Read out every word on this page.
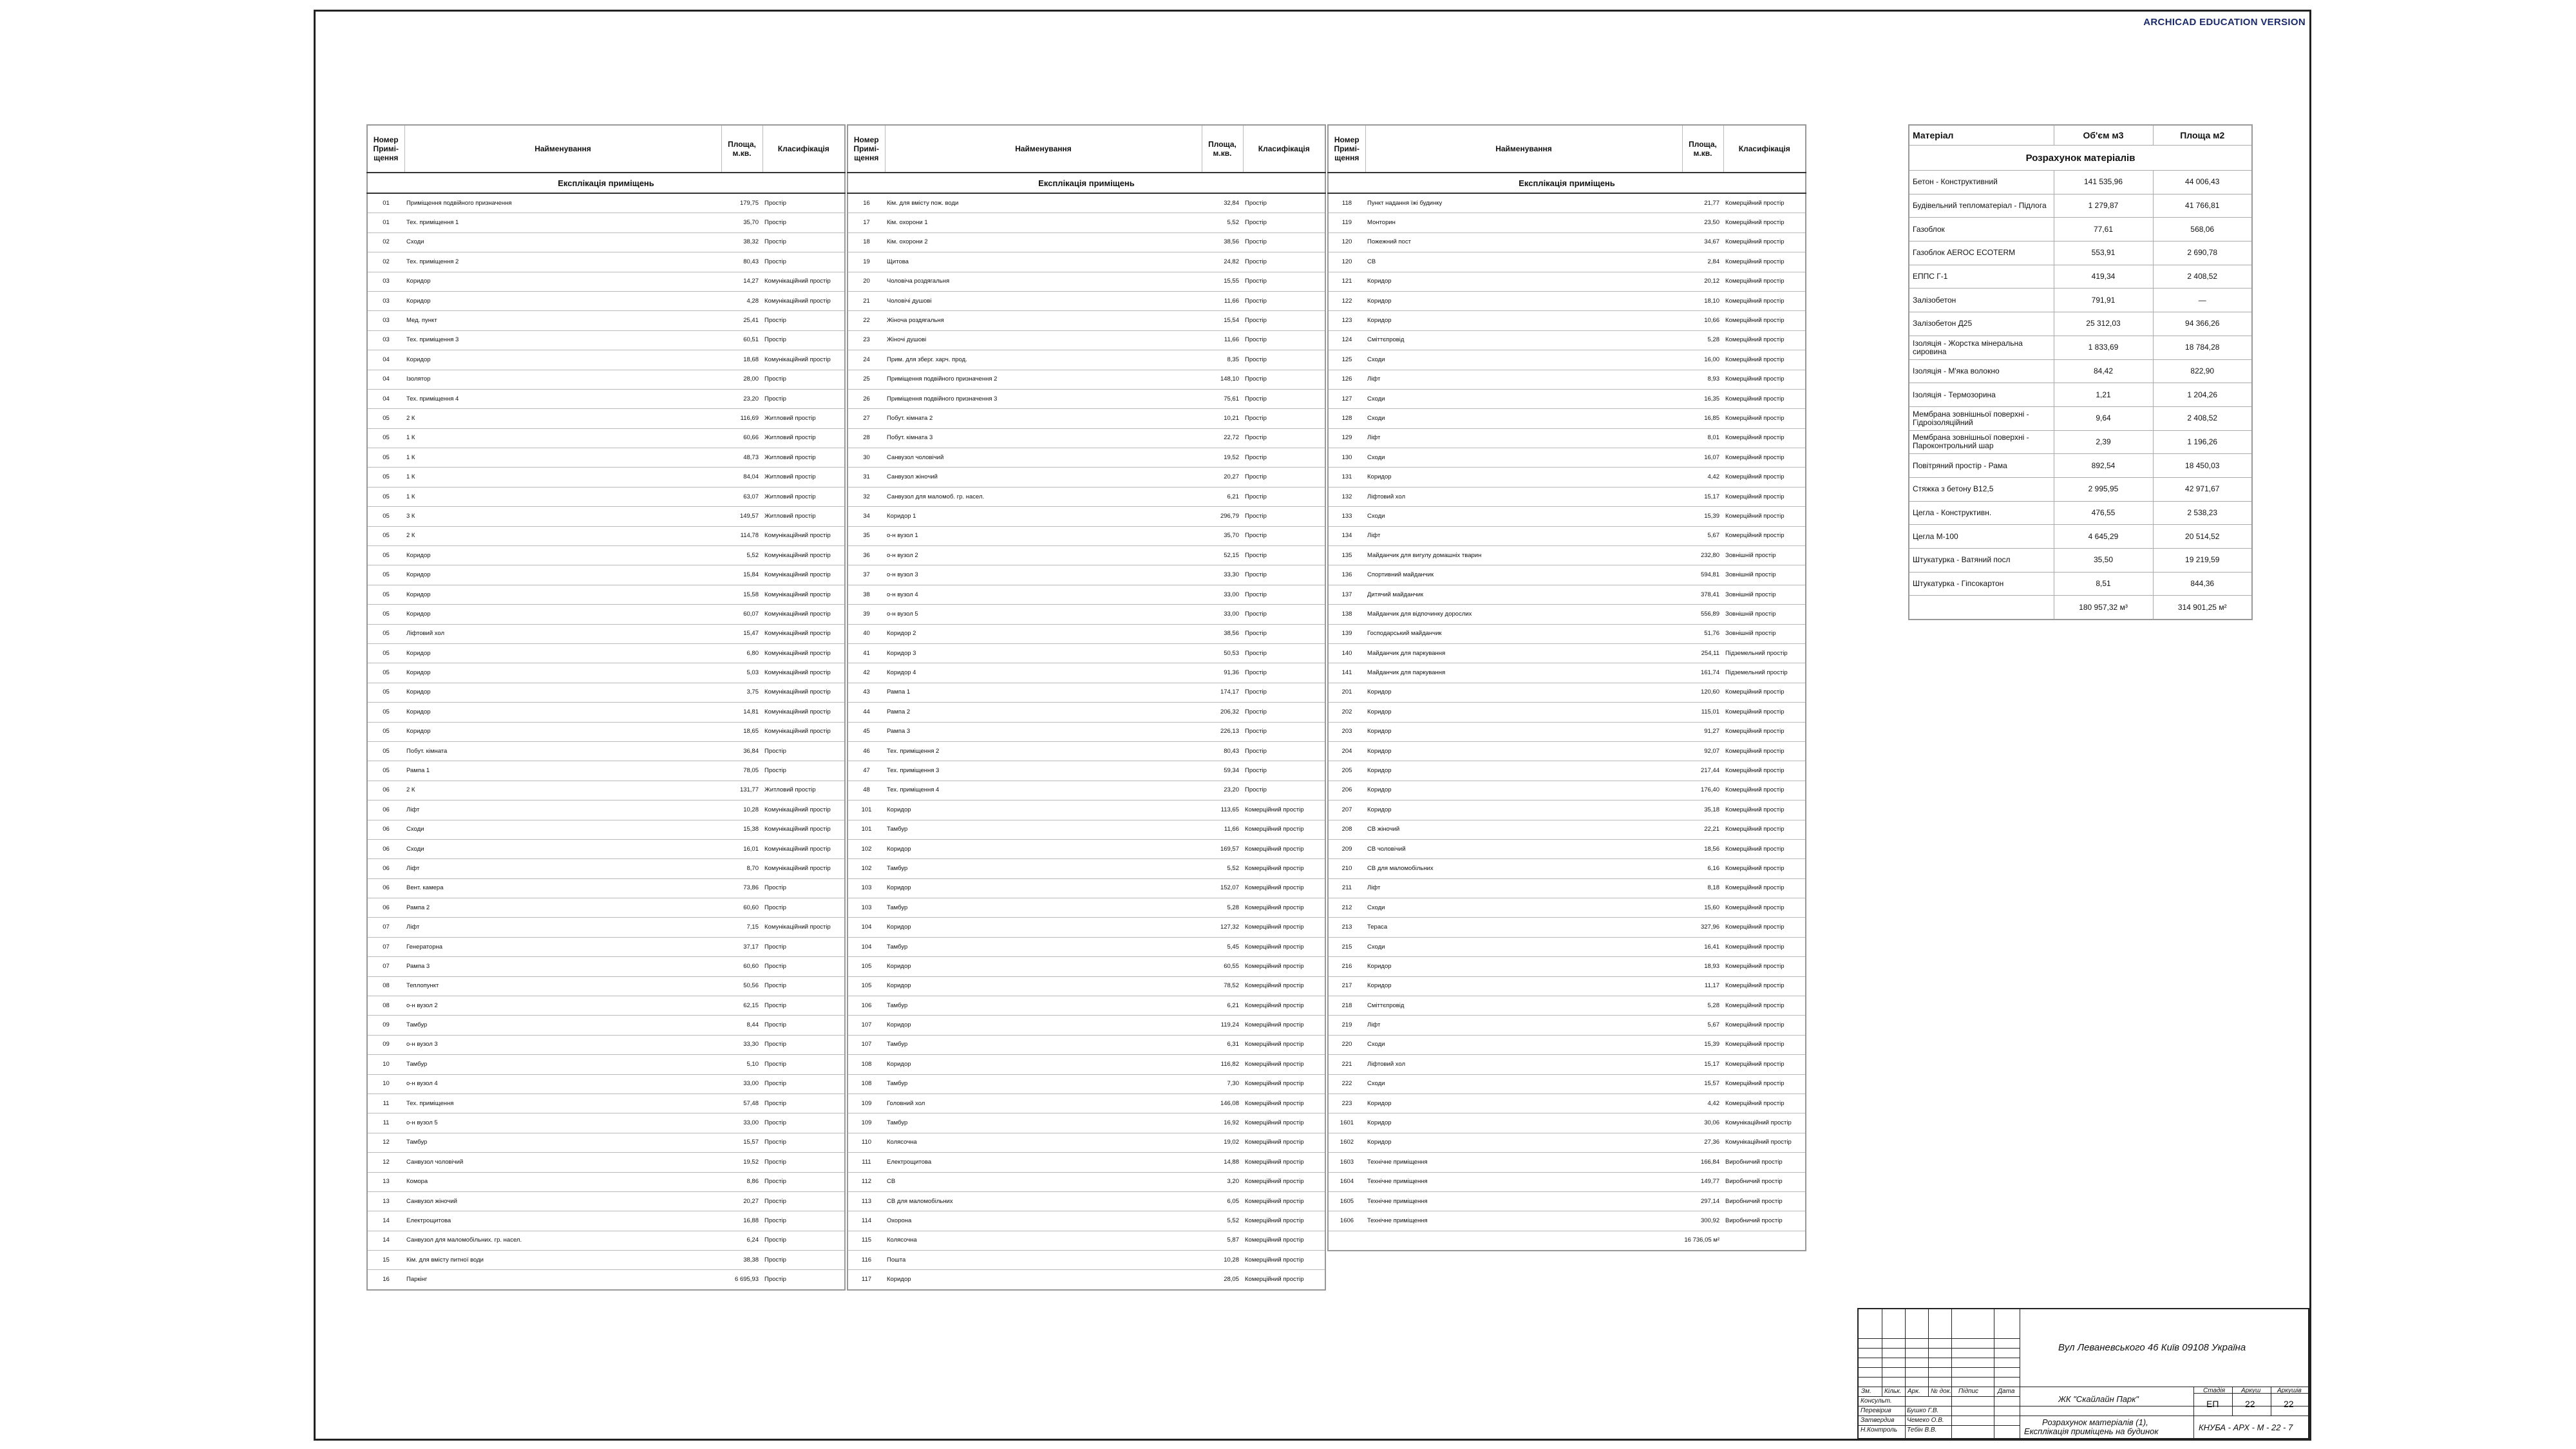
ARCHICAD EDUCATION VERSION
Експлікація приміщень			
Номер Примі-щення	Найменування	Площа, м.кв.	Класифікація
01	Приміщення подвійного призначення	179,75	Простір
01	Тех. приміщення 1	35,70	Простір
02	Сходи	38,32	Простір
02	Тех. приміщення 2	80,43	Простір
03	Коридор	14,27	Комунікаційний простір
03	Коридор	4,28	Комунікаційний простір
03	Мед. пункт	25,41	Простір
03	Тех. приміщення 3	60,51	Простір
04	Коридор	18,68	Комунікаційний простір
04	Ізолятор	28,00	Простір
04	Тех. приміщення 4	23,20	Простір
05	2 К	116,69	Житловий простір
05	1 К	60,66	Житловий простір
05	1 К	48,73	Житловий простір
05	1 К	84,04	Житловий простір
05	1 К	63,07	Житловий простір
05	3 К	149,57	Житловий простір
05	2 К	114,78	Комунікаційний простір
05	Коридор	5,52	Комунікаційний простір
05	Коридор	15,84	Комунікаційний простір
05	Коридор	15,58	Комунікаційний простір
05	Коридор	60,07	Комунікаційний простір
05	Ліфтовий хол	15,47	Комунікаційний простір
05	Коридор	6,80	Комунікаційний простір
05	Коридор	5,03	Комунікаційний простір
05	Коридор	3,75	Комунікаційний простір
05	Коридор	14,81	Комунікаційний простір
05	Коридор	18,65	Комунікаційний простір
05	Побут. кімната	36,84	Простір
05	Рампа 1	78,05	Простір
06	2 К	131,77	Житловий простір
06	Ліфт	10,28	Комунікаційний простір
06	Сходи	15,38	Комунікаційний простір
06	Сходи	16,01	Комунікаційний простір
06	Ліфт	8,70	Комунікаційний простір
06	Вент. камера	73,86	Простір
06	Рампа 2	60,60	Простір
07	Ліфт	7,15	Комунікаційний простір
07	Генераторна	37,17	Простір
07	Рампа 3	60,60	Простір
08	Теплопункт	50,56	Простір
08	о-н вузол 2	62,15	Простір
09	Тамбур	8,44	Простір
09	о-н вузол 3	33,30	Простір
10	Тамбур	5,10	Простір
10	о-н вузол 4	33,00	Простір
11	Тех. приміщення	57,48	Простір
11	о-н вузол 5	33,00	Простір
12	Тамбур	15,57	Простір
12	Санвузол чоловічий	19,52	Простір
13	Комора	8,86	Простір
13	Санвузол жіночий	20,27	Простір
14	Електрощитова	16,88	Простір
14	Санвузол для маломобільних. гр. насел.	6,24	Простір
15	Кім. для вмісту питної води	38,38	Простір
16	Паркінг	6 695,93	Простір
Експлікація приміщень			
Номер Примі-щення	Найменування	Площа, м.кв.	Класифікація
16	Кім. для вмісту пож. води	32,84	Простір
17	Кім. охорони 1	5,52	Простір
18	Кім. охорони 2	38,56	Простір
19	Щитова	24,82	Простір
20	Чоловіча роздягальня	15,55	Простір
21	Чоловічі душові	11,66	Простір
22	Жіноча роздягальня	15,54	Простір
23	Жіночі душові	11,66	Простір
24	Прим. для зберг. харч. прод.	8,35	Простір
25	Приміщення подвійного призначення 2	148,10	Простір
26	Приміщення подвійного призначення 3	75,61	Простір
27	Побут. кімната 2	10,21	Простір
28	Побут. кімната 3	22,72	Простір
30	Санвузол чоловічий	19,52	Простір
31	Санвузол жіночий	20,27	Простір
32	Санвузол для маломоб. гр. насел.	6,21	Простір
34	Коридор 1	296,79	Простір
35	о-н вузол 1	35,70	Простір
36	о-н вузол 2	52,15	Простір
37	о-н вузол 3	33,30	Простір
38	о-н вузол 4	33,00	Простір
39	о-н вузол 5	33,00	Простір
40	Коридор 2	38,56	Простір
41	Коридор 3	50,53	Простір
42	Коридор 4	91,36	Простір
43	Рампа 1	174,17	Простір
44	Рампа 2	206,32	Простір
45	Рампа 3	226,13	Простір
46	Тех. приміщення 2	80,43	Простір
47	Тех. приміщення 3	59,34	Простір
48	Тех. приміщення 4	23,20	Простір
101	Коридор	113,65	Комерційний простір
101	Тамбур	11,66	Комерційний простір
102	Коридор	169,57	Комерційний простір
102	Тамбур	5,52	Комерційний простір
103	Коридор	152,07	Комерційний простір
103	Тамбур	5,28	Комерційний простір
104	Коридор	127,32	Комерційний простір
104	Тамбур	5,45	Комерційний простір
105	Коридор	60,55	Комерційний простір
105	Коридор	78,52	Комерційний простір
106	Тамбур	6,21	Комерційний простір
107	Коридор	119,24	Комерційний простір
107	Тамбур	6,31	Комерційний простір
108	Коридор	116,82	Комерційний простір
108	Тамбур	7,30	Комерційний простір
109	Головний хол	146,08	Комерційний простір
109	Тамбур	16,92	Комерційний простір
110	Колясочна	19,02	Комерційний простір
111	Електрощитова	14,88	Комерційний простір
112	СВ	3,20	Комерційний простір
113	СВ для маломобільних	6,05	Комерційний простір
114	Охорона	5,52	Комерційний простір
115	Колясочна	5,87	Комерційний простір
116	Пошта	10,28	Комерційний простір
117	Коридор	28,05	Комерційний простір
Експлікація приміщень			
Номер Примі-щення	Найменування	Площа, м.кв.	Класифікація
118	Пункт надання їжі будинку	21,77	Комерційний простір
119	Монторин	23,50	Комерційний простір
120	Пожежний пост	34,67	Комерційний простір
120	СВ	2,84	Комерційний простір
121	Коридор	20,12	Комерційний простір
122	Коридор	18,10	Комерційний простір
123	Коридор	10,66	Комерційний простір
124	Сміттєпровід	5,28	Комерційний простір
125	Сходи	16,00	Комерційний простір
126	Ліфт	8,93	Комерційний простір
127	Сходи	16,35	Комерційний простір
128	Сходи	16,85	Комерційний простір
129	Ліфт	8,01	Комерційний простір
130	Сходи	16,07	Комерційний простір
131	Коридор	4,42	Комерційний простір
132	Ліфтовий хол	15,17	Комерційний простір
133	Сходи	15,39	Комерційний простір
134	Ліфт	5,67	Комерційний простір
135	Майданчик для вигулу домашніх тварин	232,80	Зовнішній простір
136	Спортивний майданчик	594,81	Зовнішній простір
137	Дитячий майданчик	378,41	Зовнішній простір
138	Майданчик для відпочинку дорослих	556,89	Зовнішній простір
139	Господарський майданчик	51,76	Зовнішній простір
140	Майданчик для паркування	254,11	Підземельний простір
141	Майданчик для паркування	161,74	Підземельний простір
201	Коридор	120,60	Комерційний простір
202	Коридор	115,01	Комерційний простір
203	Коридор	91,27	Комерційний простір
204	Коридор	92,07	Комерційний простір
205	Коридор	217,44	Комерційний простір
206	Коридор	176,40	Комерційний простір
207	Коридор	35,18	Комерційний простір
208	СВ жіночий	22,21	Комерційний простір
209	СВ чоловічий	18,56	Комерційний простір
210	СВ для маломобільних	6,16	Комерційний простір
211	Ліфт	8,18	Комерційний простір
212	Сходи	15,60	Комерційний простір
213	Тераса	327,96	Комерційний простір
215	Сходи	16,41	Комерційний простір
216	Коридор	18,93	Комерційний простір
217	Коридор	11,17	Комерційний простір
218	Сміттєпровід	5,28	Комерційний простір
219	Ліфт	5,67	Комерційний простір
220	Сходи	15,39	Комерційний простір
221	Ліфтовий хол	15,17	Комерційний простір
222	Сходи	15,57	Комерційний простір
223	Коридор	4,42	Комерційний простір
1601	Коридор	30,06	Комунікаційний простір
1602	Коридор	27,36	Комунікаційний простір
1603	Технічне приміщення	166,84	Виробничий простір
1604	Технічне приміщення	149,77	Виробничий простір
1605	Технічне приміщення	297,14	Виробничий простір
1606	Технічне приміщення	300,92	Виробничий простір
		16 736,05 м²	
Розрахунок матеріалів		
Матеріал	Об'єм м3	Площа м2
Бетон - Конструктивний	141 535,96	44 006,43
Будівельний тепломатеріал - Підлога	1 279,87	41 766,81
Газоблок	77,61	568,06
Газоблок AEROC ECOTERM	553,91	2 690,78
ЕППС Г-1	419,34	2 408,52
Залізобетон	791,91	—
Залізобетон Д25	25 312,03	94 366,26
Ізоляція - Жорстка мінеральна сировина	1 833,69	18 784,28
Ізоляція - М'яка волокно	84,42	822,90
Ізоляція - Термозорина	1,21	1 204,26
Мембрана зовнішньої поверхні - Гідроізоляційний	9,64	2 408,52
Мембрана зовнішньої поверхні - Пароконтрольний шар	2,39	1 196,26
Повітряний простір - Рама	892,54	18 450,03
Стяжка з бетону В12,5	2 995,95	42 971,67
Цегла - Конструктивн.	476,55	2 538,23
Цегла М-100	4 645,29	20 514,52
Штукатурка - Ватяний посл	35,50	19 219,59
Штукатурка - Гіпсокартон	8,51	844,36
	180 957,32 м³	314 901,25 м²
Зм. Кільк. Арк. № док. Підпис	Дата
Консульт.
Перевірив
Затвердив
Н.Контроль
Бушко Г.В.
Чемеко О.В.
Тебін В.В.
Вул Леваневського 46 Київ 09108 Україна
ЖК "Скайлайн Парк"
Розрахунок матеріалів (1),
Експлікація приміщень на будинок
Стадія Аркуш	Аркушів
ЕП	22	22
КНУБА - АРХ - М - 22 - 7
